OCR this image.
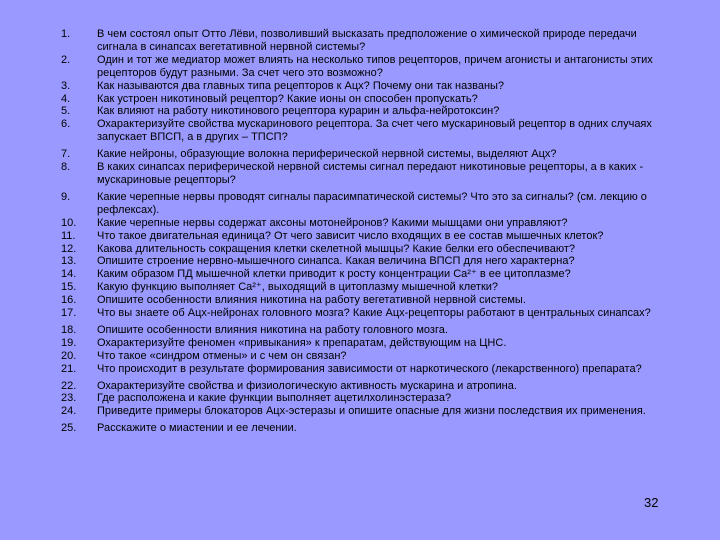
1.	В чем состоял опыт Отто Лёви, позволивший высказать предположение о химической природе передачи сигнала в синапсах вегетативной нервной системы?
2.	Один и тот же медиатор может влиять на несколько типов рецепторов, причем агонисты и антагонисты этих рецепторов будут разными. За счет чего это возможно?
3.	Как называются два главных типа рецепторов к Ацх? Почему они так названы?
4.	Как устроен никотиновый рецептор? Какие ионы он способен пропускать?
5.	Как влияют на работу никотинового рецептора курарин и альфа-нейротоксин?
6.	Охарактеризуйте свойства мускаринового рецептора. За счет чего мускариновый рецептор в одних случаях запускает ВПСП, а в других – ТПСП?
7.	Какие нейроны, образующие волокна периферической нервной системы, выделяют Ацх?
8.	В каких синапсах периферической нервной системы сигнал передают никотиновые рецепторы, а в каких - мускариновые рецепторы?
9.	Какие черепные нервы проводят сигналы парасимпатической системы? Что это за сигналы? (см. лекцию о рефлексах).
10.	Какие черепные нервы содержат аксоны мотонейронов? Какими мышцами они управляют?
11.	Что такое двигательная единица? От чего зависит число входящих в ее состав мышечных клеток?
12.	Какова длительность сокращения клетки скелетной мышцы? Какие белки его обеспечивают?
13.	Опишите строение нервно-мышечного синапса. Какая величина ВПСП для него характерна?
14.	Каким образом ПД мышечной клетки приводит к росту концентрации Ca²⁺ в ее цитоплазме?
15.	Какую функцию выполняет Ca²⁺, выходящий в цитоплазму мышечной клетки?
16.	Опишите особенности влияния никотина на работу вегетативной нервной системы.
17.	Что вы знаете об Ацх-нейронах головного мозга? Какие Ацх-рецепторы работают в центральных синапсах?
18.	Опишите особенности влияния никотина на работу головного мозга.
19.	Охарактеризуйте феномен «привыкания» к препаратам, действующим на ЦНС.
20.	Что такое «синдром отмены» и с чем он связан?
21.	Что происходит в результате формирования зависимости от наркотического (лекарственного) препарата?
22.	Охарактеризуйте свойства и физиологическую активность мускарина и атропина.
23.	Где расположена и какие функции выполняет ацетилхолинэстераза?
24.	Приведите примеры блокаторов Ацх-эстеразы и опишите опасные для жизни последствия их применения.
25.	Расскажите о миастении и ее лечении.
32
